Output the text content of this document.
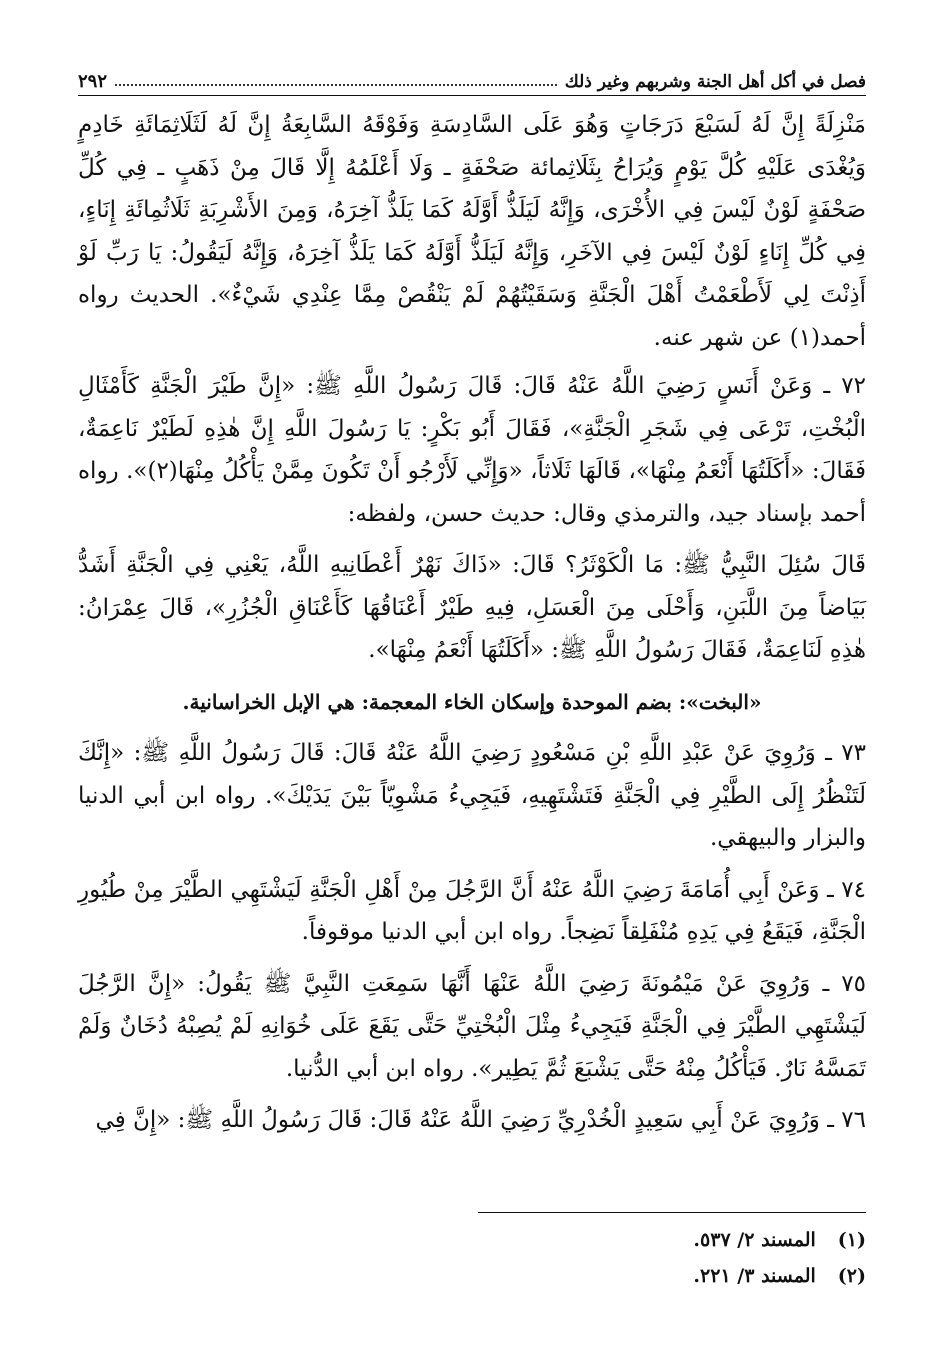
٢٩٢	فصل في أكل أهل الجنة وشربهم وغير ذلك

مَنْزِلَةً إِنَّ لَهُ لَسَبْعَ دَرَجَاتٍ وَهُوَ عَلَى السَّادِسَةِ وَفَوْقَهُ السَّابِعَةُ إِنَّ لَهُ لَثَلَاثِمَائَةِ خَادِمٍ وَيُغْدَى عَلَيْهِ كُلَّ يَوْمٍ وَيُرَاحُ بِثَلَاثِمائة صَحْفَةٍ ـ وَلَا أَعْلَمُهُ إِلَّا قَالَ مِنْ ذَهَبٍ ـ فِي كُلِّ صَحْفَةٍ لَوْنٌ لَيْسَ فِي الأُخْرَى، وَإِنَّهُ لَيَلَذُّ أَوَّلَهُ كَمَا يَلَذُّ آخِرَهُ، وَمِنَ الأَشْرِبَةِ ثَلَاثُمِائَةِ إِنَاءٍ، فِي كُلِّ إِنَاءٍ لَوْنٌ لَيْسَ فِي الآخَرِ، وَإِنَّهُ لَيَلَذُّ أَوَّلَهُ كَمَا يَلَذُّ آخِرَهُ، وَإِنَّهُ لَيَقُولُ: يَا رَبِّ لَوْ أَذِنْتَ لِي لَأَطْعَمْتُ أَهْلَ الْجَنَّةِ وَسَقَيْتُهُمْ لَمْ يَنْقُصْ مِمَّا عِنْدِي شَيْءٌ». الحديث رواه أحمد(١) عن شهر عنه.

٧٢ ـ وَعَنْ أَنَسٍ رَضِيَ اللَّهُ عَنْهُ قَالَ: قَالَ رَسُولُ اللَّهِ ﷺ: «إِنَّ طَيْرَ الْجَنَّةِ كَأَمْثَالِ الْبُخْتِ، تَرْعَى فِي شَجَرِ الْجَنَّةِ»، فَقَالَ أَبُو بَكْرٍ: يَا رَسُولَ اللَّهِ إِنَّ هٰذِهِ لَطَيْرٌ نَاعِمَةٌ، فَقَالَ: «أَكَلَتُهَا أَنْعَمُ مِنْهَا»، قَالَهَا ثَلَاثاً، «وَإِنِّي لَأَرْجُو أَنْ تَكُونَ مِمَّنْ يَأْكُلُ مِنْهَا(٢)». رواه أحمد بإسناد جيد، والترمذي وقال: حديث حسن، ولفظه:

قَالَ سُئِلَ النَّبِيُّ ﷺ: مَا الْكَوْثَرُ؟ قَالَ: «ذَاكَ نَهْرٌ أَعْطَانِيهِ اللَّهُ، يَعْنِي فِي الْجَنَّةِ أَشَدُّ بَيَاضاً مِنَ اللَّبَنِ، وَأَحْلَى مِنَ الْعَسَلِ، فِيهِ طَيْرٌ أَعْنَاقُهَا كَأَعْنَاقِ الْجُزُرِ»، قَالَ عِمْرَانُ: هٰذِهِ لَنَاعِمَةٌ، فَقَالَ رَسُولُ اللَّهِ ﷺ: «أَكَلَتُهَا أَنْعَمُ مِنْهَا».

«البخت»: بضم الموحدة وإسكان الخاء المعجمة: هي الإبل الخراسانية.

٧٣ ـ وَرُوِيَ عَنْ عَبْدِ اللَّهِ بْنِ مَسْعُودٍ رَضِيَ اللَّهُ عَنْهُ قَالَ: قَالَ رَسُولُ اللَّهِ ﷺ: «إِنَّكَ لَتَنْظُرُ إِلَى الطَّيْرِ فِي الْجَنَّةِ فَتَشْتَهِيهِ، فَيَجِيءُ مَشْوِيّاً بَيْنَ يَدَيْكَ». رواه ابن أبي الدنيا والبزار والبيهقي.

٧٤ ـ وَعَنْ أَبِي أُمَامَةَ رَضِيَ اللَّهُ عَنْهُ أَنَّ الرَّجُلَ مِنْ أَهْلِ الْجَنَّةِ لَيَشْتَهِي الطَّيْرَ مِنْ طُيُورِ الْجَنَّةِ، فَيَقَعُ فِي يَدِهِ مُنْفَلِقاً نَضِجاً. رواه ابن أبي الدنيا موقوفاً.

٧٥ ـ وَرُوِيَ عَنْ مَيْمُونَةَ رَضِيَ اللَّهُ عَنْهَا أَنَّهَا سَمِعَتِ النَّبِيَّ ﷺ يَقُولُ: «إِنَّ الرَّجُلَ لَيَشْتَهِي الطَّيْرَ فِي الْجَنَّةِ فَيَجِيءُ مِثْلَ الْبُخْتِيِّ حَتَّى يَقَعَ عَلَى خُوَانِهِ لَمْ يُصِبْهُ دُخَانٌ وَلَمْ تَمَسَّهُ نَارٌ. فَيَأْكُلُ مِنْهُ حَتَّى يَشْبَعَ ثُمَّ يَطِير». رواه ابن أبي الدُّنيا.

٧٦ ـ وَرُوِيَ عَنْ أَبِي سَعِيدٍ الْخُدْرِيِّ رَضِيَ اللَّهُ عَنْهُ قَالَ: قَالَ رَسُولُ اللَّهِ ﷺ: «إِنَّ فِي

(١)
المسند ٢/ ٥٣٧.
(٢)
المسند ٣/ ٢٢١.
